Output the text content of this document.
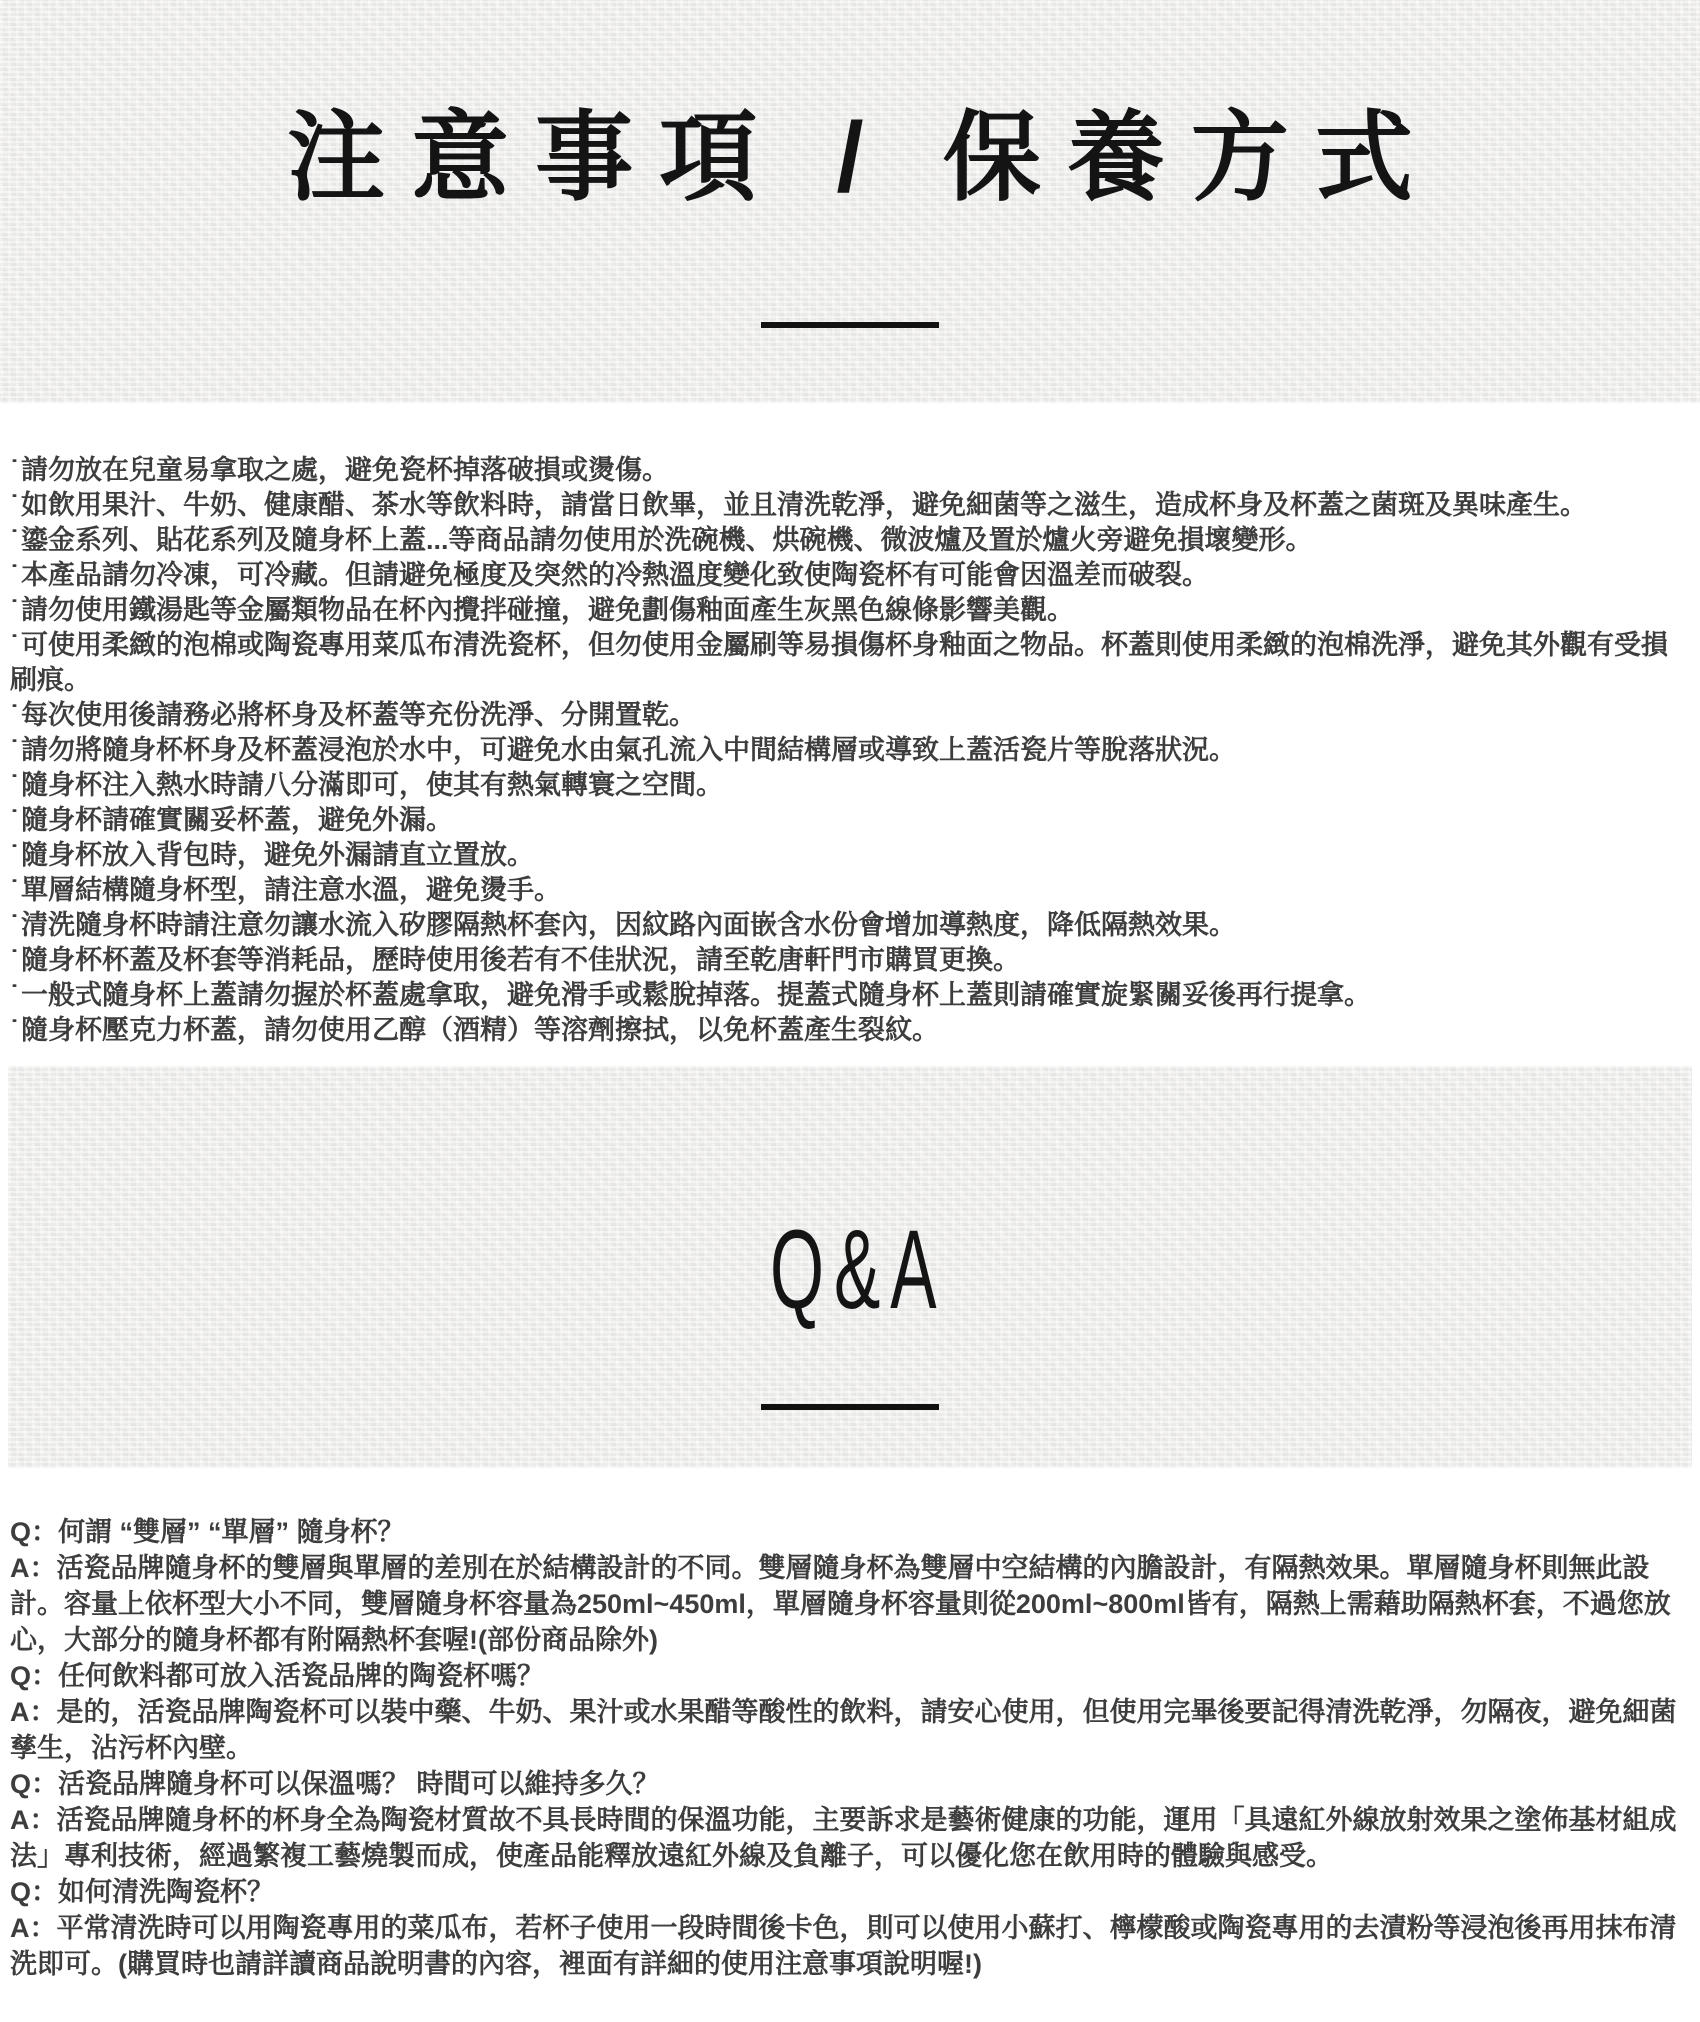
注意事項 / 保養方式
˙請勿放在兒童易拿取之處，避免瓷杯掉落破損或燙傷。
˙如飲用果汁、牛奶、健康醋、茶水等飲料時，請當日飲畢，並且清洗乾淨，避免細菌等之滋生，造成杯身及杯蓋之菌斑及異味產生。
˙鎏金系列、貼花系列及隨身杯上蓋...等商品請勿使用於洗碗機、烘碗機、微波爐及置於爐火旁避免損壞變形。
˙本產品請勿冷凍，可冷藏。但請避免極度及突然的冷熱溫度變化致使陶瓷杯有可能會因溫差而破裂。
˙請勿使用鐵湯匙等金屬類物品在杯內攪拌碰撞，避免劃傷釉面產生灰黑色線條影響美觀。
˙可使用柔緻的泡棉或陶瓷專用菜瓜布清洗瓷杯，但勿使用金屬刷等易損傷杯身釉面之物品。杯蓋則使用柔緻的泡棉洗淨，避免其外觀有受損刷痕。
˙每次使用後請務必將杯身及杯蓋等充份洗淨、分開置乾。
˙請勿將隨身杯杯身及杯蓋浸泡於水中，可避免水由氣孔流入中間結構層或導致上蓋活瓷片等脫落狀況。
˙隨身杯注入熱水時請八分滿即可，使其有熱氣轉寰之空間。
˙隨身杯請確實關妥杯蓋，避免外漏。
˙隨身杯放入背包時，避免外漏請直立置放。
˙單層結構隨身杯型，請注意水溫，避免燙手。
˙清洗隨身杯時請注意勿讓水流入矽膠隔熱杯套內，因紋路內面嵌含水份會增加導熱度，降低隔熱效果。
˙隨身杯杯蓋及杯套等消耗品，歷時使用後若有不佳狀況，請至乾唐軒門市購買更換。
˙一般式隨身杯上蓋請勿握於杯蓋處拿取，避免滑手或鬆脫掉落。提蓋式隨身杯上蓋則請確實旋緊關妥後再行提拿。
˙隨身杯壓克力杯蓋，請勿使用乙醇（酒精）等溶劑擦拭，以免杯蓋產生裂紋。
Q&A

Q：何謂 “雙層” “單層” 隨身杯？

A：活瓷品牌隨身杯的雙層與單層的差別在於結構設計的不同。雙層隨身杯為雙層中空結構的內膽設計，有隔熱效果。單層隨身杯則無此設計。容量上依杯型大小不同，雙層隨身杯容量為250ml~450ml，單層隨身杯容量則從200ml~800ml皆有，隔熱上需藉助隔熱杯套，不過您放心，大部分的隨身杯都有附隔熱杯套喔!(部份商品除外)

Q：任何飲料都可放入活瓷品牌的陶瓷杯嗎？

A：是的，活瓷品牌陶瓷杯可以裝中藥、牛奶、果汁或水果醋等酸性的飲料，請安心使用，但使用完畢後要記得清洗乾淨，勿隔夜，避免細菌孳生，沾污杯內壁。

Q：活瓷品牌隨身杯可以保溫嗎？ 時間可以維持多久？

A：活瓷品牌隨身杯的杯身全為陶瓷材質故不具長時間的保溫功能，主要訴求是藝術健康的功能，運用「具遠紅外線放射效果之塗佈基材組成法」專利技術，經過繁複工藝燒製而成，使產品能釋放遠紅外線及負離子，可以優化您在飲用時的體驗與感受。

Q：如何清洗陶瓷杯？

A：平常清洗時可以用陶瓷專用的菜瓜布，若杯子使用一段時間後卡色，則可以使用小蘇打、檸檬酸或陶瓷專用的去漬粉等浸泡後再用抹布清洗即可。(購買時也請詳讀商品說明書的內容，裡面有詳細的使用注意事項說明喔!)
